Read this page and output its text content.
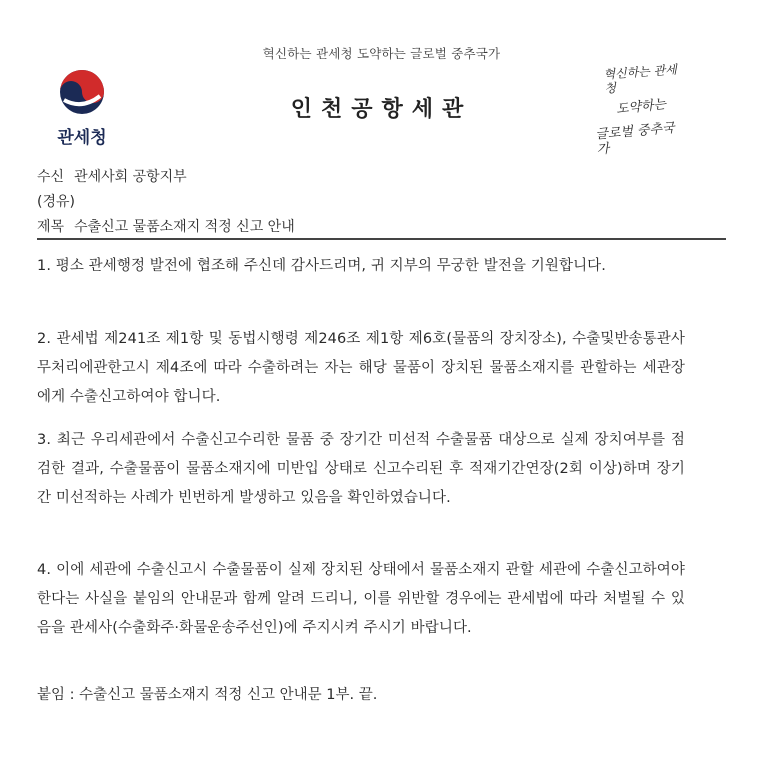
혁신하는 관세청 도약하는 글로벌 중추국가
관세청
인천공항세관
혁신하는 관세청
도약하는
글로벌 중추국가
수신 관세사회 공항지부
(경유)
제목 수출신고 물품소재지 적정 신고 안내
1. 평소 관세행정 발전에 협조해 주신데 감사드리며, 귀 지부의 무궁한 발전을 기원합니다.
2. 관세법 제241조 제1항 및 동법시행령 제246조 제1항 제6호(물품의 장치장소), 수출및반송통관사무처리에관한고시 제4조에 따라 수출하려는 자는 해당 물품이 장치된 물품소재지를 관할하는 세관장에게 수출신고하여야 합니다.
3. 최근 우리세관에서 수출신고수리한 물품 중 장기간 미선적 수출물품 대상으로 실제 장치여부를 점검한 결과, 수출물품이 물품소재지에 미반입 상태로 신고수리된 후 적재기간연장(2회 이상)하며 장기간 미선적하는 사례가 빈번하게 발생하고 있음을 확인하였습니다.
4. 이에 세관에 수출신고시 수출물품이 실제 장치된 상태에서 물품소재지 관할 세관에 수출신고하여야 한다는 사실을 붙임의 안내문과 함께 알려 드리니, 이를 위반할 경우에는 관세법에 따라 처벌될 수 있음을 관세사(수출화주·화물운송주선인)에 주지시켜 주시기 바랍니다.
붙임 : 수출신고 물품소재지 적정 신고 안내문 1부. 끝.
